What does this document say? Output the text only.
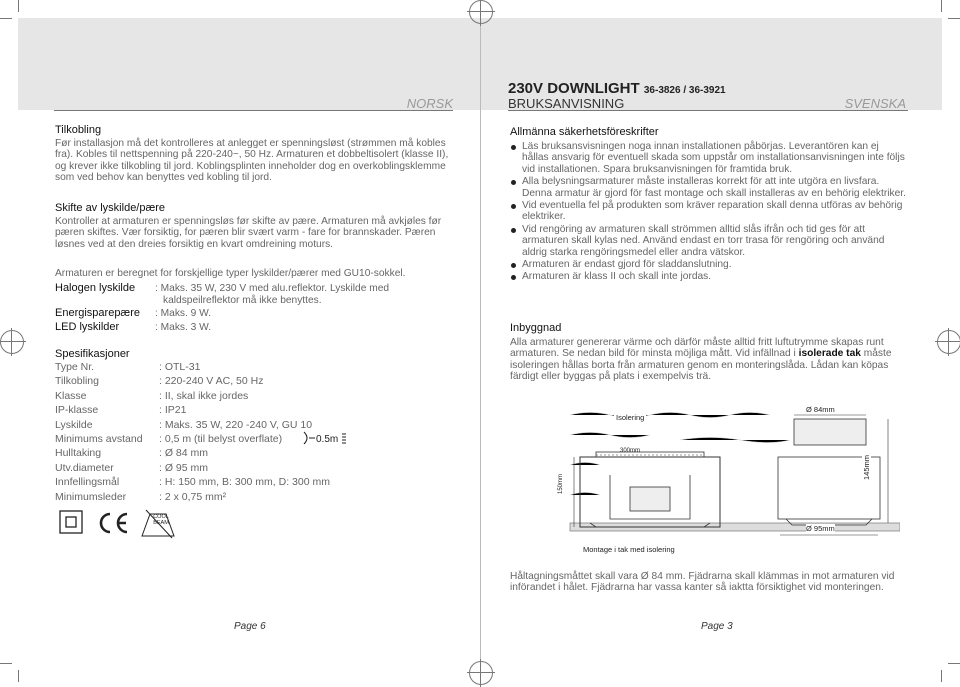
NORSK
Tilkobling
Før installasjon må det kontrolleres at anlegget er spenningsløst (strømmen må kobles fra). Kobles til nettspenning på 220-240~, 50 Hz. Armaturen et dobbeltisolert (klasse II), og krever ikke tilkobling til jord. Koblingsplinten inneholder dog en overkoblingsklemme som ved behov kan benyttes ved kobling til jord.
Skifte av lyskilde/pære
Kontroller at armaturen er spenningsløs før skifte av pære. Armaturen må avkjøles før pæren skiftes. Vær forsiktig, for pæren blir svært varm - fare for brannskader. Pæren løsnes ved at den dreies forsiktig en kvart omdreining moturs.
Armaturen er beregnet for forskjellige typer lyskilder/pærer med GU10-sokkel.
Halogen lyskilde : Maks. 35 W, 230 V med alu.reflektor. Lyskilde med
kaldspeilreflektor må ikke benyttes.
Energisparepære : Maks. 9 W.
LED lyskilder	: Maks. 3 W.
Spesifikasjoner
Type Nr.	: OTL-31
Tilkobling	: 220-240 V AC, 50 Hz
Klasse	: II, skal ikke jordes
IP-klasse	: IP21
Lyskilde	: Maks. 35 W, 220 -240 V, GU 10
Minimums avstand : 0,5 m (til belyst overflate)	0.5m
Hulltaking	: Ø 84 mm
Utv.diameter	: Ø 95 mm
Innfellingsmål	: H: 150 mm, B: 300 mm, D: 300 mm
Minimumsleder	: 2 x 0,75 mm²
COOL BEAM
Page 6
230V DOWNLIGHT 36-3826 / 36-3921
BRUKSANVISNING	SVENSKA
Allmänna säkerhetsföreskrifter
Läs bruksansvisningen noga innan installationen påbörjas. Leverantören kan ej hållas ansvarig för eventuell skada som uppstår om installationsanvisningen inte följs vid installationen. Spara bruksanvisningen för framtida bruk.
Alla belysningsarmaturer måste installeras korrekt för att inte utgöra en livsfara. Denna armatur är gjord för fast montage och skall installeras av en behörig elektriker.
Vid eventuella fel på produkten som kräver reparation skall denna utföras av behörig elektriker.
Vid rengöring av armaturen skall strömmen alltid slås ifrån och tid ges för att armaturen skall kylas ned. Använd endast en torr trasa för rengöring och använd aldrig starka rengöringsmedel eller andra vätskor.
Armaturen är endast gjord för sladdanslutning.
Armaturen är klass II och skall inte jordas.
Inbyggnad
Alla armaturer genererar värme och därför måste alltid fritt luftutrymme skapas runt armaturen. Se nedan bild för minsta möjliga mått. Vid infällnad i isolerade tak måste isoleringen hållas borta från armaturen genom en monteringslåda. Lådan kan köpas färdigt eller byggas på plats i exempelvis trä.
Isolering
Ø 84mm
300mm
150mm
145mm
Ø 95mm
Montage i tak med isolering
Håltagningsmåttet skall vara Ø 84 mm. Fjädrarna skall klämmas in mot armaturen vid införandet i hålet. Fjädrarna har vassa kanter så iaktta försiktighet vid monteringen.
Page 3
